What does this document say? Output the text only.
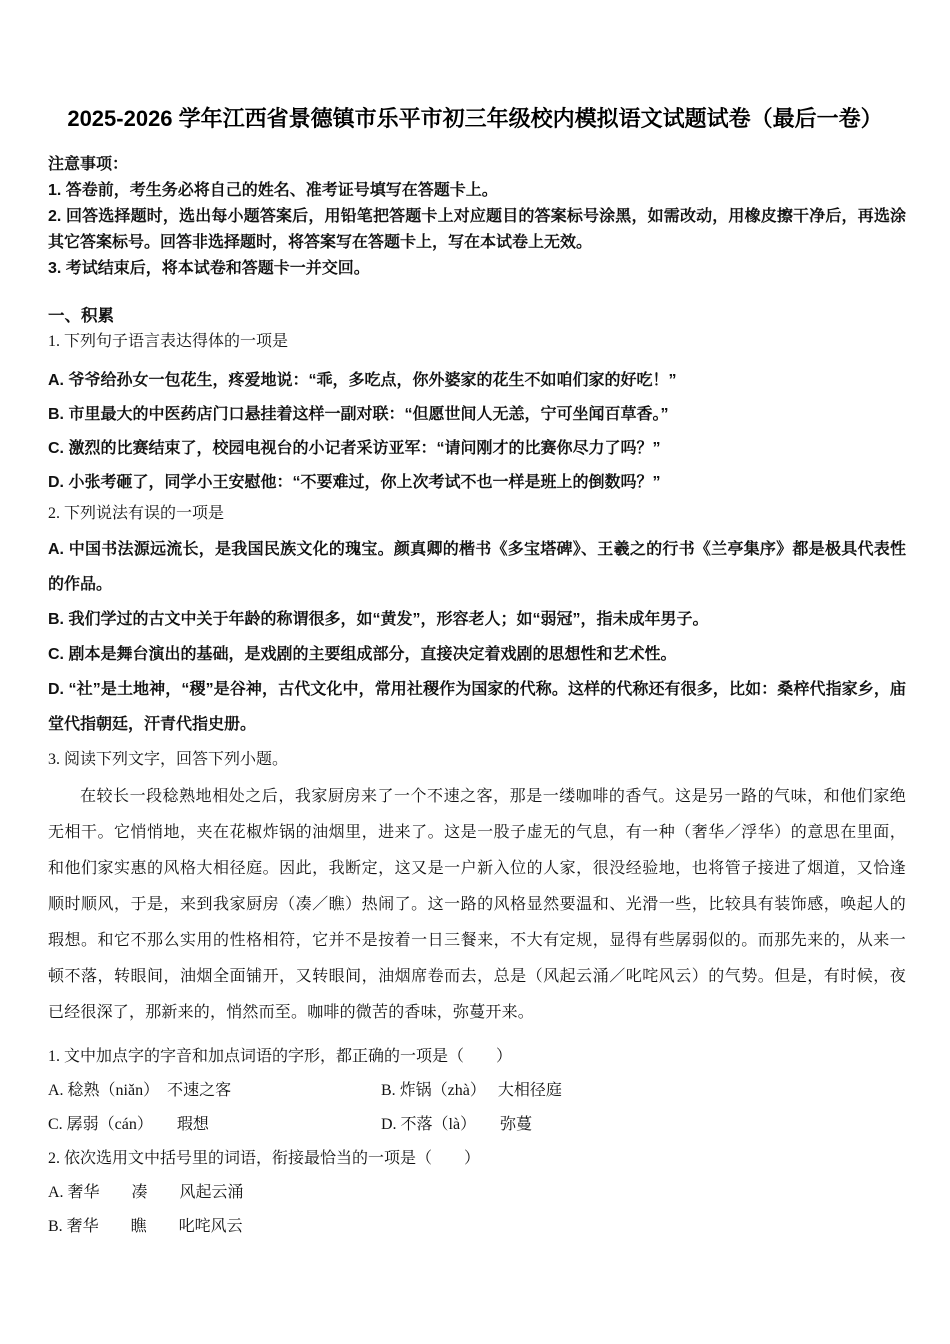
2025-2026 学年江西省景德镇市乐平市初三年级校内模拟语文试题试卷（最后一卷）

注意事项：

1. 答卷前，考生务必将自己的姓名、准考证号填写在答题卡上。

2. 回答选择题时，选出每小题答案后，用铅笔把答题卡上对应题目的答案标号涂黑，如需改动，用橡皮擦干净后，再选涂其它答案标号。回答非选择题时，将答案写在答题卡上，写在本试卷上无效。

3. 考试结束后，将本试卷和答题卡一并交回。

一、积累

1. 下列句子语言表达得体的一项是

A. 爷爷给孙女一包花生，疼爱地说：“乖，多吃点，你外婆家的花生不如咱们家的好吃！”

B. 市里最大的中医药店门口悬挂着这样一副对联：“但愿世间人无恙，宁可坐闻百草香。”

C. 激烈的比赛结束了，校园电视台的小记者采访亚军：“请问刚才的比赛你尽力了吗？”

D. 小张考砸了，同学小王安慰他：“不要难过，你上次考试不也一样是班上的倒数吗？”

2. 下列说法有误的一项是

A. 中国书法源远流长，是我国民族文化的瑰宝。颜真卿的楷书《多宝塔碑》、王羲之的行书《兰亭集序》都是极具代表性的作品。

B. 我们学过的古文中关于年龄的称谓很多，如“黄发”，形容老人；如“弱冠”，指未成年男子。

C. 剧本是舞台演出的基础，是戏剧的主要组成部分，直接决定着戏剧的思想性和艺术性。

D. “社”是土地神，“稷”是谷神，古代文化中，常用社稷作为国家的代称。这样的代称还有很多，比如：桑梓代指家乡，庙堂代指朝廷，汗青代指史册。

3. 阅读下列文字，回答下列小题。

在较长一段稔熟地相处之后，我家厨房来了一个不速之客，那是一缕咖啡的香气。这是另一路的气味，和他们家绝无相干。它悄悄地，夹在花椒炸锅的油烟里，进来了。这是一股子虚无的气息，有一种（奢华／浮华）的意思在里面，和他们家实惠的风格大相径庭。因此，我断定，这又是一户新入位的人家，很没经验地，也将管子接进了烟道，又恰逢顺时顺风，于是，来到我家厨房（凑／瞧）热闹了。这一路的风格显然要温和、光滑一些，比较具有装饰感，唤起人的瑕想。和它不那么实用的性格相符，它并不是按着一日三餐来，不大有定规，显得有些孱弱似的。而那先来的，从来一顿不落，转眼间，油烟全面铺开，又转眼间，油烟席卷而去，总是（风起云涌／叱咤风云）的气势。但是，有时候，夜已经很深了，那新来的，悄然而至。咖啡的微苦的香味，弥蔓开来。

1. 文中加点字的字音和加点词语的字形，都正确的一项是（　　）

A. 稔熟（niǎn）　不速之客	B. 炸锅（zhà）　 大相径庭
C. 孱弱（cán）　　瑕想	D. 不落（là）　　弥蔓

2. 依次选用文中括号里的词语，衔接最恰当的一项是（　　）

A. 奢华　　凑　　风起云涌

B. 奢华　　瞧　　叱咤风云
